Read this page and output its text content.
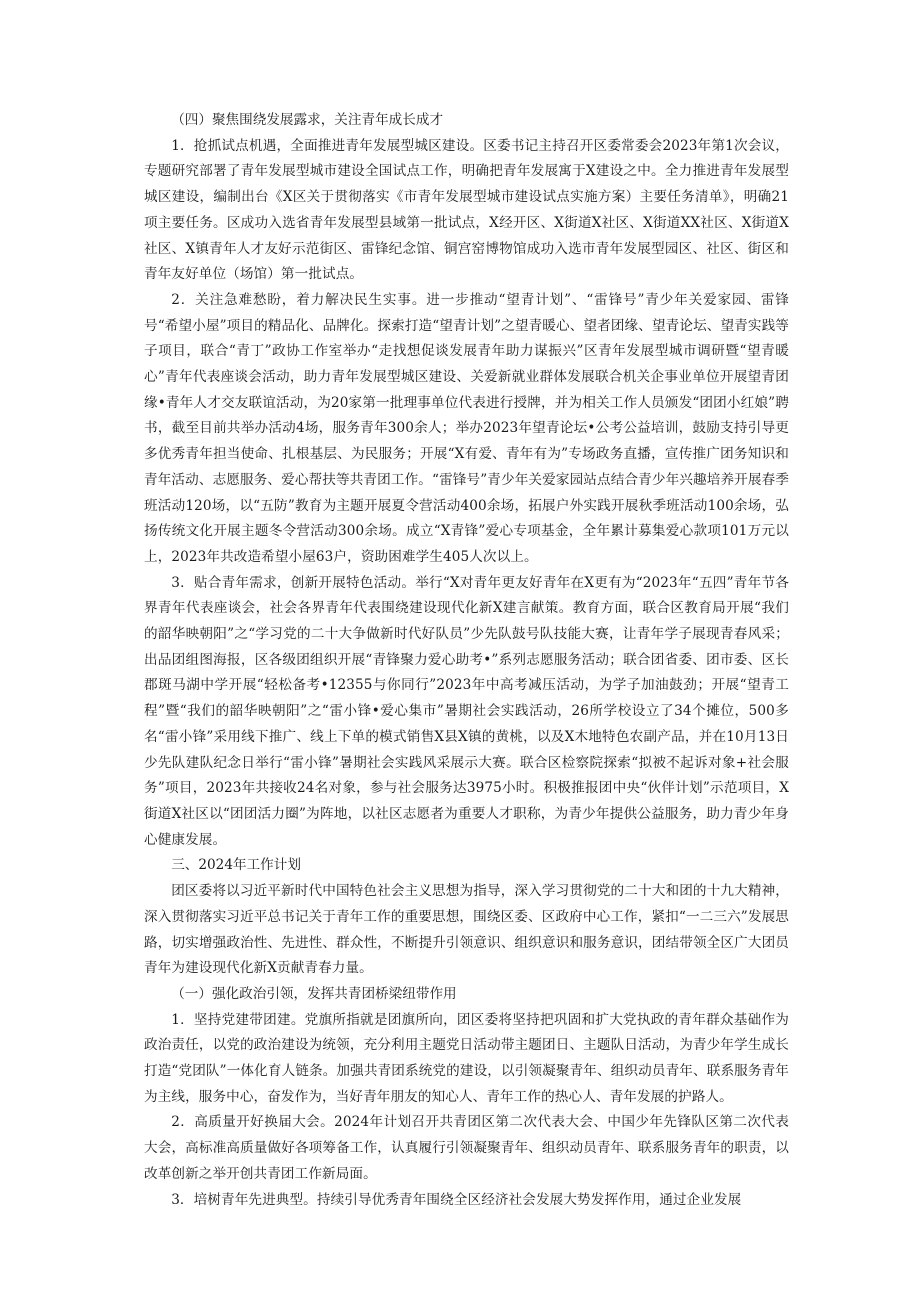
（四）聚焦围绕发展露求，关注青年成长成才

1．抢抓试点机遇，全面推进青年发展型城区建设。区委书记主持召开区委常委会2023年第1次会议，专题研究部署了青年发展型城市建设全国试点工作，明确把青年发展寓于X建设之中。全力推进青年发展型城区建设，编制出台《X区关于贯彻落实《市青年发展型城市建设试点实施方案）主要任务清单》，明确21项主要任务。区成功入选省青年发展型县域第一批试点，X经开区、X街道X社区、X街道XX社区、X街道X社区、X镇青年人才友好示范街区、雷锋纪念馆、铜宫窑博物馆成功入选市青年发展型园区、社区、街区和青年友好单位（场馆）第一批试点。

2．关注急难愁盼，着力解决民生实事。进一步推动“望青计划”、“雷锋号”青少年关爱家园、雷锋号“希望小屋”项目的精品化、品牌化。探索打造“望青计划”之望青暖心、望者团缘、望青论坛、望青实践等子项目，联合“青丁”政协工作室举办“走找想促谈发展青年助力谋振兴”区青年发展型城市调研暨“望青暖心”青年代表座谈会活动，助力青年发展型城区建设、关爱新就业群体发展联合机关企事业单位开展望青团缘•青年人才交友联谊活动，为20家第一批理事单位代表进行授牌，并为相关工作人员颁发“团团小红娘”聘书，截至目前共举办活动4场，服务青年300余人；举办2023年望青论坛•公考公益培训，鼓励支持引导更多优秀青年担当使命、扎根基层、为民服务；开展“X有爱、青年有为”专场政务直播，宣传推广团务知识和青年活动、志愿服务、爱心帮扶等共青团工作。“雷锋号”青少年关爱家园站点结合青少年兴趣培养开展春季班活动120场，以“五防”教育为主题开展夏令营活动400余场，拓展户外实践开展秋季班活动100余场，弘扬传统文化开展主题冬令营活动300余场。成立“X青锋”爱心专项基金，全年累计募集爱心款项101万元以上，2023年共改造希望小屋63户，资助困难学生405人次以上。

3．贴合青年需求，创新开展特色活动。举行“X对青年更友好青年在X更有为“2023年“五四”青年节各界青年代表座谈会，社会各界青年代表围绕建设现代化新X建言献策。教育方面，联合区教育局开展“我们的韶华映朝阳”之“学习党的二十大争做新时代好队员”少先队鼓号队技能大赛，让青年学子展现青春风采；出品团组图海报，区各级团组织开展“青锋聚力爱心助考•”系列志愿服务活动；联合团省委、团市委、区长郡斑马湖中学开展“轻松备考•12355与你同行”2023年中高考减压活动，为学子加油鼓劲；开展“望青工程”暨“我们的韶华映朝阳”之“雷小锋•爱心集市”暑期社会实践活动，26所学校设立了34个摊位，500多名“雷小锋”采用线下推广、线上下单的模式销售X县X镇的黄桃，以及X木地特色农副产品，并在10月13日少先队建队纪念日举行“雷小锋”暑期社会实践风采展示大赛。联合区检察院探索“拟被不起诉对象+社会服务”项目，2023年共接收24名对象，参与社会服务达3975小时。积极推报团中央“伙伴计划”示范项目，X街道X社区以“团团活力圈”为阵地，以社区志愿者为重要人才职称，为青少年提供公益服务，助力青少年身心健康发展。

三、2024年工作计划

团区委将以习近平新时代中国特色社会主义思想为指导，深入学习贯彻党的二十大和团的十九大精神，深入贯彻落实习近平总书记关于青年工作的重要思想，围绕区委、区政府中心工作，紧扣“一二三六”发展思路，切实增强政治性、先进性、群众性，不断提升引领意识、组织意识和服务意识，团结带领全区广大团员青年为建设现代化新X贡献青春力量。

（一）强化政治引领，发挥共青团桥梁纽带作用

1．坚持党建带团建。党旗所指就是团旗所向，团区委将坚持把巩固和扩大党执政的青年群众基础作为政治责任，以党的政治建设为统领，充分利用主题党日活动带主题团日、主题队日活动，为青少年学生成长打造“党团队”一体化育人链条。加强共青团系统党的建设，以引领凝聚青年、组织动员青年、联系服务青年为主线，服务中心，奋发作为，当好青年朋友的知心人、青年工作的热心人、青年发展的护路人。

2．高质量开好换届大会。2024年计划召开共青团区第二次代表大会、中国少年先锋队区第二次代表大会，高标准高质量做好各项筹备工作，认真履行引领凝聚青年、组织动员青年、联系服务青年的职责，以改革创新之举开创共青团工作新局面。

3．培树青年先进典型。持续引导优秀青年围绕全区经济社会发展大势发挥作用，通过企业发展
